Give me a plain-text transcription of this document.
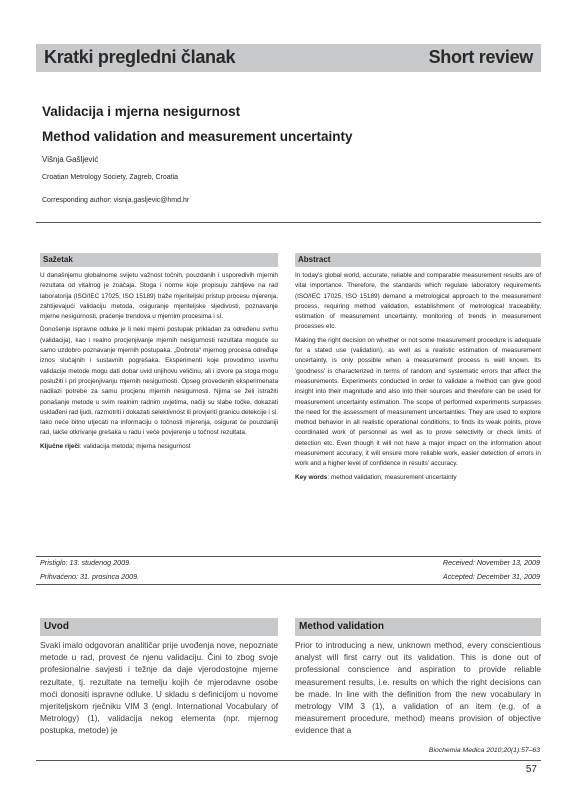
Kratki pregledni članak	Short review
Validacija i mjerna nesigurnost
Method validation and measurement uncertainty
Višnja Gašljević
Croatian Metrology Society, Zagreb, Croatia
Corresponding author: visnja.gasljevic@hmd.hr
Sažetak

U današnjemu globalnome svijetu važnost točnih, pouzdanih i usporedivih mjernih rezultata od vitalnog je značaja. Stoga i norme koje propisuju zahtjeve na rad laboratorija (ISO/IEC 17025, ISO 15189) traže mjeriteljski pristup procesu mjerenja, zahtijevajući validaciju metoda, osiguranje mjeriteljske sljedivosti, poznavanje mjerne nesigurnosti, praćenje trendova u mjernim procesima i sl.

Donošenje ispravne odluke je li neki mjerni postupak prikladan za određenu svrhu (validacija), kao i realno procjenjivanje mjernih nesigurnosti rezultata moguće su samo uzdobro poznavanje mjernih postupaka. „Dobrota“ mjernog procesa određuje iznos slučajnih i sustavnih pogrešaka. Eksperimenti koje provodimo usvrhu validacije metode mogu dati dobar uvid unjihovu veličinu, ali i izvore pa stoga mogu poslužiti i pri procjenjivanju mjernih nesigurnosti. Opseg provedenih eksperimenata nadilazi potrebe za samu procjenu mjernih nesigurnosti. Njima se želi istražiti ponašanje metode u svim realnim radnim uvjetima, načiji su slabe točke, dokazati usklađeni rad ljudi, razmotriti i dokazati selektivnost ili provjeriti granicu detekcije i sl. Iako neće bitno utjecati na informaciju o točnosti mjerenja, osigurat će pouzdaniji rad, lakše otkrivanje grešaka u radu i veće povjerenje u točnost rezultata.

Ključne riječi: validacija metoda; mjerna nesigurnost

Abstract

In today's global world, accurate, reliable and comparable measurement results are of vital importance. Therefore, the standards which regulate laboratory requirements (ISO/IEC 17025, ISO 15189) demand a metrological approach to the measurement process, requiring method validation, establishment of metrological traceability, estimation of measurement uncertainty, monitoring of trends in measurement processes etc.

Making the right decision on whether or not some measurement procedure is adequate for a stated use (validation), as well as a realistic estimation of measurement uncertainty, is only possible when a measurement process is well known. Its 'goodness' is characterized in terms of random and systematic errors that affect the measurements. Experiments conducted in order to validate a method can give good insight into their magnitude and also into their sources and therefore can be used for measurement uncertainty estimation. The scope of performed experiments surpasses the need for the assessment of measurement uncertainties. They are used to explore method behavior in all realistic operational conditions, to finds its weak points, prove coordinated work of personnel as well as to prove selectivity or check limits of detection etc. Even though it will not have a major impact on the information about measurement accuracy, it will ensure more reliable work, easier detection of errors in work and a higher level of confidence in results' accuracy.

Key words: method validation; measurement uncertainty

Pristiglo: 13. studenog 2009.
Prihvaćeno: 31. prosinca 2009.
Received: November 13, 2009
Accepted: December 31, 2009
Uvod
Svaki imalo odgovoran analitičar prije uvođenja nove, nepoznate metode u rad, provest će njenu validaciju. Čini to zbog svoje profesionalne savjesti i težnje da daje vjerodostojne mjerne rezultate, tj. rezultate na temelju kojih će mjerodavne osobe moći donositi ispravne odluke. U skladu s definicijom u novome mjeriteljskom rječniku VIM 3 (engl. International Vocabulary of Metrology) (1), validacija nekog elementa (npr. mjernog postupka, metode) je
Method validation
Prior to introducing a new, unknown method, every conscientious analyst will first carry out its validation. This is done out of professional conscience and aspiration to provide reliable measurement results, i.e. results on which the right decisions can be made. In line with the definition from the new vocabulary in metrology VIM 3 (1), a validation of an item (e.g. of a measurement procedure, method) means provision of objective evidence that a
Biochemia Medica 2010;20(1):57–63
57
